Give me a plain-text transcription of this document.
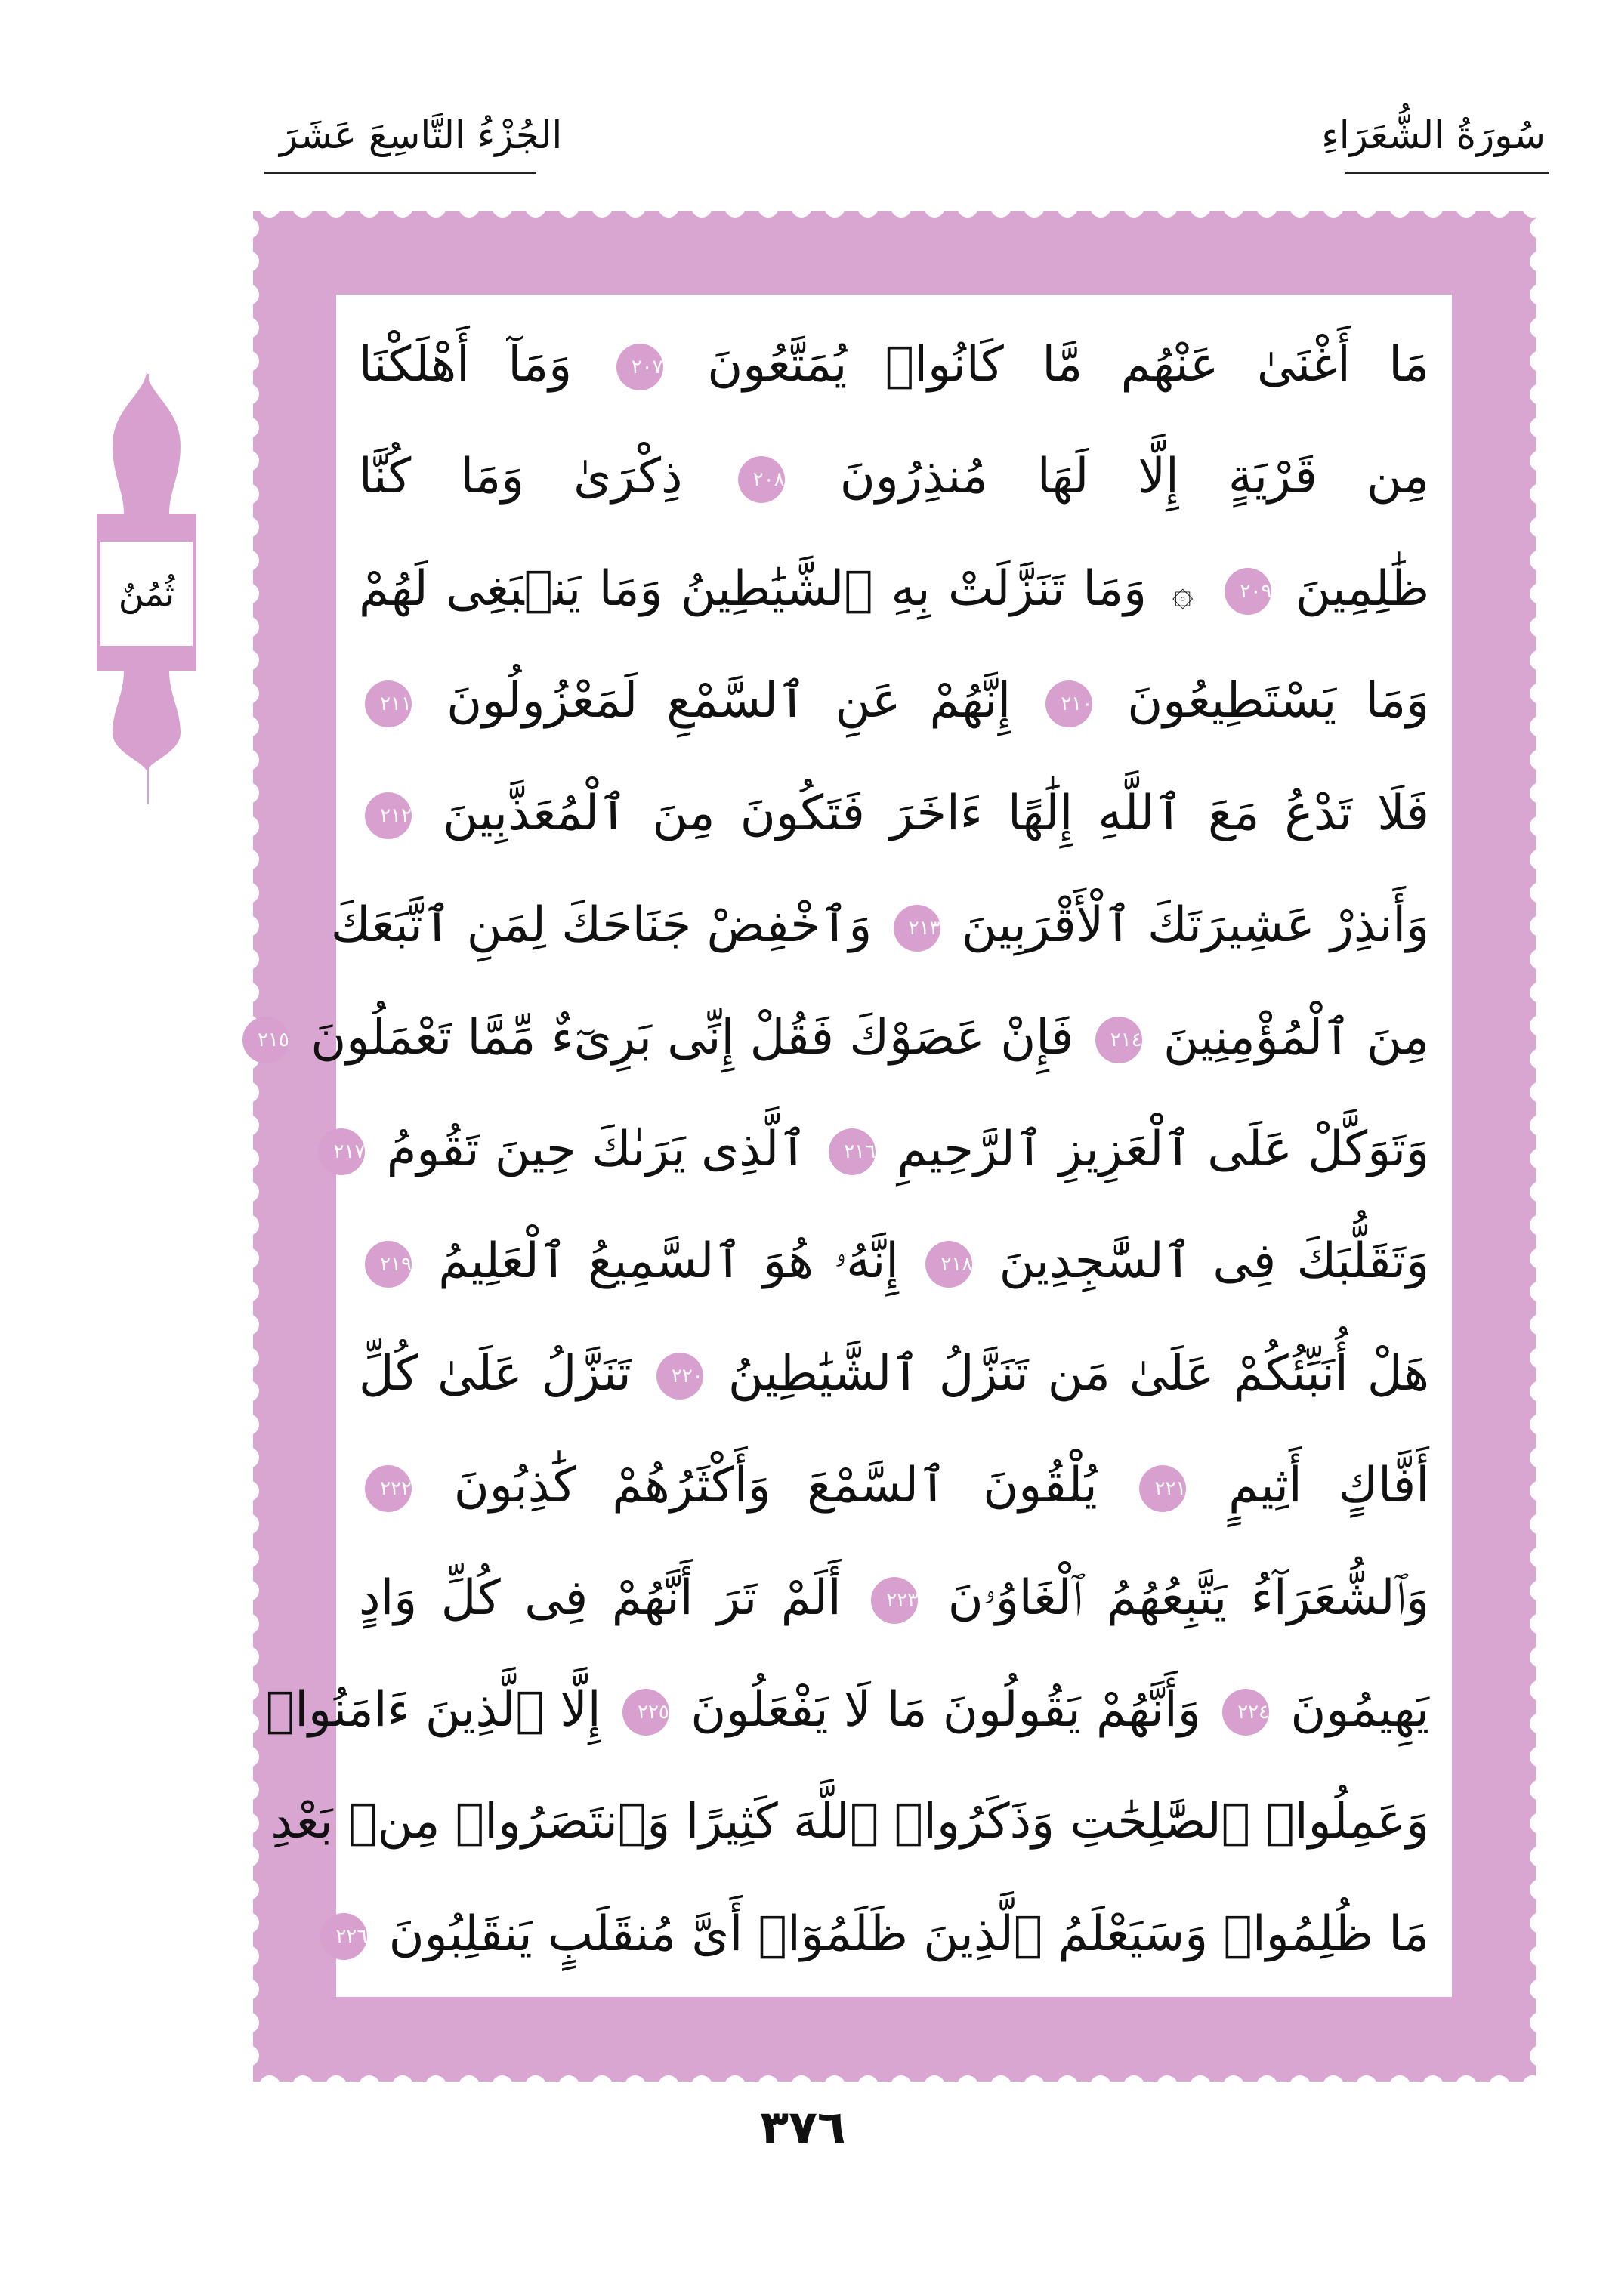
سُورَةُ الشُّعَرَاءِ
الجُزْءُ التَّاسِعَ عَشَرَ
ثُمُنٌ
مَا أَغْنَىٰ عَنْهُم مَّا كَانُوا۟ يُمَتَّعُونَ ٢٠٧ وَمَآ أَهْلَكْنَا
مِن قَرْيَةٍ إِلَّا لَهَا مُنذِرُونَ ٢٠٨ ذِكْرَىٰ وَمَا كُنَّا
ظَٰلِمِينَ ٢٠٩ ۞ وَمَا تَنَزَّلَتْ بِهِ ٱلشَّيَٰطِينُ وَمَا يَنۢبَغِى لَهُمْ
وَمَا يَسْتَطِيعُونَ ٢١٠ إِنَّهُمْ عَنِ ٱلسَّمْعِ لَمَعْزُولُونَ ٢١١
فَلَا تَدْعُ مَعَ ٱللَّهِ إِلَٰهًا ءَاخَرَ فَتَكُونَ مِنَ ٱلْمُعَذَّبِينَ ٢١٢
وَأَنذِرْ عَشِيرَتَكَ ٱلْأَقْرَبِينَ ٢١٣ وَٱخْفِضْ جَنَاحَكَ لِمَنِ ٱتَّبَعَكَ
مِنَ ٱلْمُؤْمِنِينَ ٢١٤ فَإِنْ عَصَوْكَ فَقُلْ إِنِّى بَرِىٓءٌ مِّمَّا تَعْمَلُونَ ٢١٥
وَتَوَكَّلْ عَلَى ٱلْعَزِيزِ ٱلرَّحِيمِ ٢١٦ ٱلَّذِى يَرَىٰكَ حِينَ تَقُومُ ٢١٧
وَتَقَلُّبَكَ فِى ٱلسَّٰجِدِينَ ٢١٨ إِنَّهُۥ هُوَ ٱلسَّمِيعُ ٱلْعَلِيمُ ٢١٩
هَلْ أُنَبِّئُكُمْ عَلَىٰ مَن تَنَزَّلُ ٱلشَّيَٰطِينُ ٢٢٠ تَنَزَّلُ عَلَىٰ كُلِّ
أَفَّاكٍ أَثِيمٍ ٢٢١ يُلْقُونَ ٱلسَّمْعَ وَأَكْثَرُهُمْ كَٰذِبُونَ ٢٢٢
وَٱلشُّعَرَآءُ يَتَّبِعُهُمُ ٱلْغَاوُۥنَ ٢٢٣ أَلَمْ تَرَ أَنَّهُمْ فِى كُلِّ وَادٍ
يَهِيمُونَ ٢٢٤ وَأَنَّهُمْ يَقُولُونَ مَا لَا يَفْعَلُونَ ٢٢٥ إِلَّا ٱلَّذِينَ ءَامَنُوا۟
وَعَمِلُوا۟ ٱلصَّٰلِحَٰتِ وَذَكَرُوا۟ ٱللَّهَ كَثِيرًا وَٱنتَصَرُوا۟ مِنۢ بَعْدِ
مَا ظُلِمُوا۟ وَسَيَعْلَمُ ٱلَّذِينَ ظَلَمُوٓا۟ أَىَّ مُنقَلَبٍ يَنقَلِبُونَ ٢٢٦
٣٧٦
